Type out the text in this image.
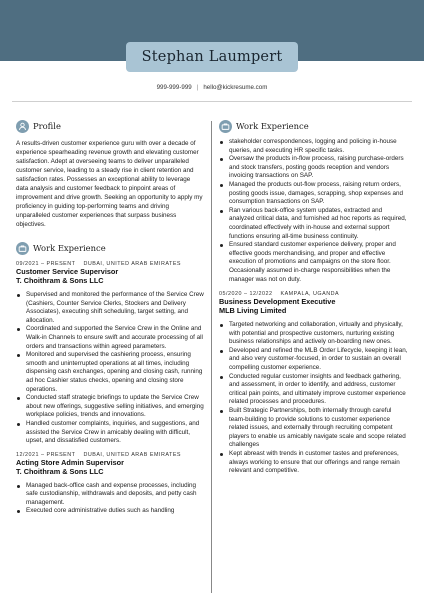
Stephan Laumpert
999-999-999 | hello@kickresume.com
Profile

A results-driven customer experience guru with over a decade of experience spearheading revenue growth and elevating customer satisfaction. Adept at overseeing teams to deliver unparalleled customer service, leading to a steady rise in client retention and satisfaction rates. Possesses an exceptional ability to leverage data analysis and customer feedback to pinpoint areas of improvement and drive growth. Seeking an opportunity to apply my proficiency in guiding top-performing teams and driving unparalleled customer experiences that surpass business objectives.

Work Experience
09/2021 – PRESENT DUBAI, UNITED ARAB EMIRATES
Customer Service Supervisor
T. Choithram & Sons LLC
Supervised and monitored the performance of the Service Crew (Cashiers, Counter Service Clerks, Stockers and Delivery Associates), executing shift scheduling, target setting, and allocation.
Coordinated and supported the Service Crew in the Online and Walk-in Channels to ensure swift and accurate processing of all orders and transactions within agreed parameters.
Monitored and supervised the cashiering process, ensuring smooth and uninterrupted operations at all times, including dispensing cash exchanges, opening and closing cash, running ad hoc Cashier status checks, opening and closing store operations.
Conducted staff strategic briefings to update the Service Crew about new offerings, suggestive selling initiatives, and emerging workplace policies, trends and innovations.
Handled customer complaints, inquiries, and suggestions, and assisted the Service Crew in amicably dealing with difficult, upset, and dissatisfied customers.
12/2021 – PRESENT DUBAI, UNITED ARAB EMIRATES
Acting Store Admin Supervisor
T. Choithram & Sons LLC
Managed back-office cash and expense processes, including safe custodianship, withdrawals and deposits, and petty cash management.
Executed core administrative duties such as handling
Work Experience
stakeholder correspondences, logging and policing in-house queries, and executing HR specific tasks.
Oversaw the products in-flow process, raising purchase-orders and stock transfers, posting goods reception and vendors invoicing transactions on SAP.
Managed the products out-flow process, raising return orders, posting goods issue, damages, scrapping, shop expenses and consumption transactions on SAP.
Ran various back-office system updates, extracted and analyzed critical data, and furnished ad hoc reports as required, coordinated effectively with in-house and external support functions ensuring all-time business continuity.
Ensured standard customer experience delivery, proper and effective goods merchandising, and proper and effective execution of promotions and campaigns on the store floor. Occasionally assumed in-charge responsibilities when the manager was not on duty.
05/2020 – 12/2022 KAMPALA, UGANDA
Business Development Executive
MLB Living Limited
Targeted networking and collaboration, virtually and physically, with potential and prospective customers, nurturing existing business relationships and actively on-boarding new ones.
Developed and refined the MLB Order Lifecycle, keeping it lean, and also very customer-focused, in order to sustain an overall compelling customer experience.
Conducted regular customer insights and feedback gathering, and assessment, in order to identify, and address, customer critical pain points, and ultimately improve customer experience related processes and procedures.
Built Strategic Partnerships, both internally through careful team-building to provide solutions to customer experience related issues, and externally through recruiting competent players to enable us amicably navigate scale and scope related challenges
Kept abreast with trends in customer tastes and preferences, always working to ensure that our offerings and range remain relevant and competitive.
